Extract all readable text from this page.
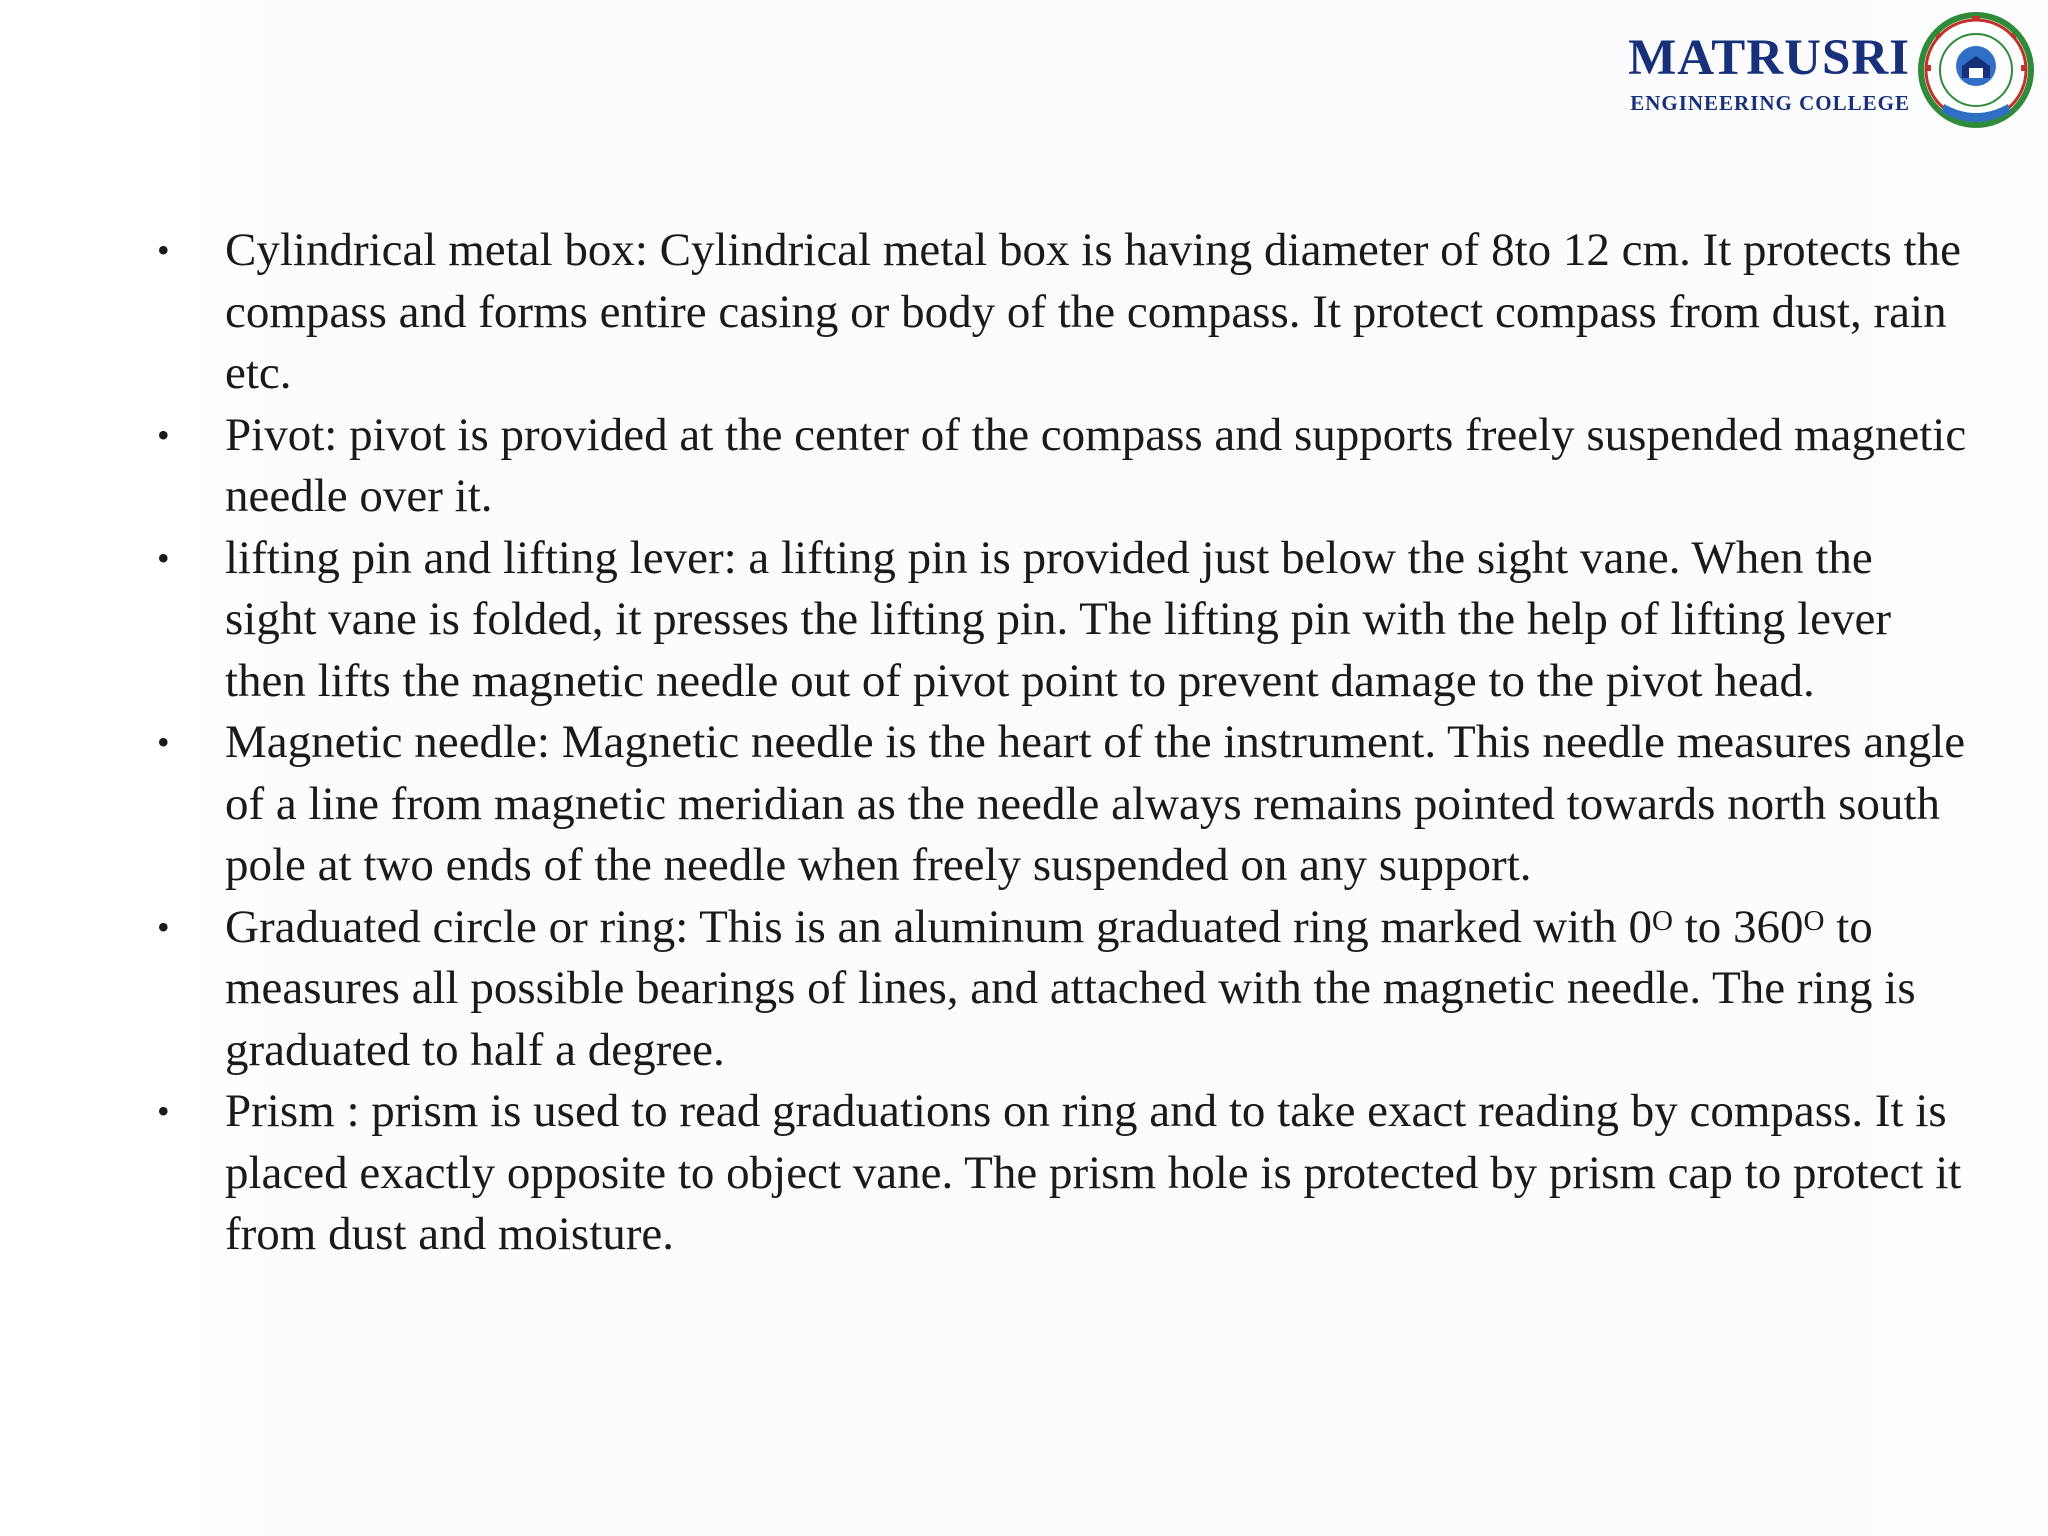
MATRUSRI
ENGINEERING COLLEGE
• Cylindrical metal box: Cylindrical metal box is having diameter of 8to 12 cm. It protects the compass and forms entire casing or body of the compass. It protect compass from dust, rain etc.
• Pivot: pivot is provided at the center of the compass and supports freely suspended magnetic needle over it.
• lifting pin and lifting lever: a lifting pin is provided just below the sight vane. When the sight vane is folded, it presses the lifting pin. The lifting pin with the help of lifting lever then lifts the magnetic needle out of pivot point to prevent damage to the pivot head.
• Magnetic needle: Magnetic needle is the heart of the instrument. This needle measures angle of a line from magnetic meridian as the needle always remains pointed towards north south pole at two ends of the needle when freely suspended on any support.
• Graduated circle or ring: This is an aluminum graduated ring marked with $0^O$ to $360^O$ to measures all possible bearings of lines, and attached with the magnetic needle. The ring is graduated to half a degree.
• Prism : prism is used to read graduations on ring and to take exact reading by compass. It is placed exactly opposite to object vane. The prism hole is protected by prism cap to protect it from dust and moisture.
